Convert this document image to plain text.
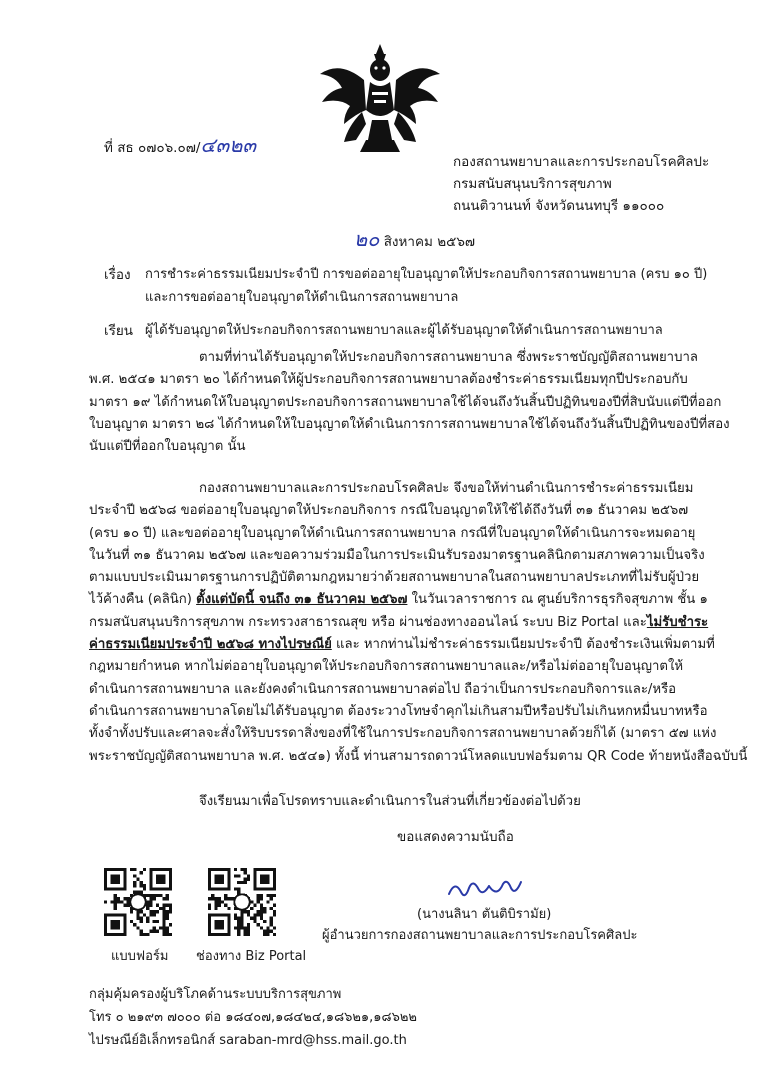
ที่ สธ ๐๗๐๖.๐๗/๔๓๒๓
กองสถานพยาบาลและการประกอบโรคศิลปะ
กรมสนับสนุนบริการสุขภาพ
ถนนติวานนท์ จังหวัดนนทบุรี ๑๑๐๐๐
๒๐ สิงหาคม ๒๕๖๗
เรื่อง การชำระค่าธรรมเนียมประจำปี การขอต่ออายุใบอนุญาตให้ประกอบกิจการสถานพยาบาล (ครบ ๑๐ ปี)
และการขอต่ออายุใบอนุญาตให้ดำเนินการสถานพยาบาล
เรียน ผู้ได้รับอนุญาตให้ประกอบกิจการสถานพยาบาลและผู้ได้รับอนุญาตให้ดำเนินการสถานพยาบาล
ตามที่ท่านได้รับอนุญาตให้ประกอบกิจการสถานพยาบาล ซึ่งพระราชบัญญัติสถานพยาบาล
พ.ศ. ๒๕๔๑ มาตรา ๒๐ ได้กำหนดให้ผู้ประกอบกิจการสถานพยาบาลต้องชำระค่าธรรมเนียมทุกปีประกอบกับ
มาตรา ๑๙ ได้กำหนดให้ใบอนุญาตประกอบกิจการสถานพยาบาลใช้ได้จนถึงวันสิ้นปีปฏิทินของปีที่สิบนับแต่ปีที่ออก
ใบอนุญาต มาตรา ๒๘ ได้กำหนดให้ใบอนุญาตให้ดำเนินการการสถานพยาบาลใช้ได้จนถึงวันสิ้นปีปฏิทินของปีที่สอง
นับแต่ปีที่ออกใบอนุญาต นั้น
กองสถานพยาบาลและการประกอบโรคศิลปะ จึงขอให้ท่านดำเนินการชำระค่าธรรมเนียม
ประจำปี ๒๕๖๘ ขอต่ออายุใบอนุญาตให้ประกอบกิจการ กรณีใบอนุญาตให้ใช้ได้ถึงวันที่ ๓๑ ธันวาคม ๒๕๖๗
(ครบ ๑๐ ปี) และขอต่ออายุใบอนุญาตให้ดำเนินการสถานพยาบาล กรณีที่ใบอนุญาตให้ดำเนินการจะหมดอายุ
ในวันที่ ๓๑ ธันวาคม ๒๕๖๗ และขอความร่วมมือในการประเมินรับรองมาตรฐานคลินิกตามสภาพความเป็นจริง
ตามแบบประเมินมาตรฐานการปฏิบัติตามกฎหมายว่าด้วยสถานพยาบาลในสถานพยาบาลประเภทที่ไม่รับผู้ป่วย
ไว้ค้างคืน (คลินิก) ตั้งแต่บัดนี้ จนถึง ๓๑ ธันวาคม ๒๕๖๗ ในวันเวลาราชการ ณ ศูนย์บริการธุรกิจสุขภาพ ชั้น ๑
กรมสนับสนุนบริการสุขภาพ กระทรวงสาธารณสุข หรือ ผ่านช่องทางออนไลน์ ระบบ Biz Portal และไม่รับชำระ
ค่าธรรมเนียมประจำปี ๒๕๖๘ ทางไปรษณีย์ และ หากท่านไม่ชำระค่าธรรมเนียมประจำปี ต้องชำระเงินเพิ่มตามที่
กฎหมายกำหนด หากไม่ต่ออายุใบอนุญาตให้ประกอบกิจการสถานพยาบาลและ/หรือไม่ต่ออายุใบอนุญาตให้
ดำเนินการสถานพยาบาล และยังคงดำเนินการสถานพยาบาลต่อไป ถือว่าเป็นการประกอบกิจการและ/หรือ
ดำเนินการสถานพยาบาลโดยไม่ได้รับอนุญาต ต้องระวางโทษจำคุกไม่เกินสามปีหรือปรับไม่เกินหกหมื่นบาทหรือ
ทั้งจำทั้งปรับและศาลจะสั่งให้ริบบรรดาสิ่งของที่ใช้ในการประกอบกิจการสถานพยาบาลด้วยก็ได้ (มาตรา ๕๗ แห่ง
พระราชบัญญัติสถานพยาบาล พ.ศ. ๒๕๔๑) ทั้งนี้ ท่านสามารถดาวน์โหลดแบบฟอร์มตาม QR Code ท้ายหนังสือฉบับนี้
จึงเรียนมาเพื่อโปรดทราบและดำเนินการในส่วนที่เกี่ยวข้องต่อไปด้วย
ขอแสดงความนับถือ
(นางนลินา ตันติบิรามัย)
ผู้อำนวยการกองสถานพยาบาลและการประกอบโรคศิลปะ
แบบฟอร์ม ช่องทาง Biz Portal
กลุ่มคุ้มครองผู้บริโภคด้านระบบบริการสุขภาพ
โทร ๐ ๒๑๙๓ ๗๐๐๐ ต่อ ๑๘๔๐๗,๑๘๔๒๔,๑๘๖๒๑,๑๘๖๒๒
ไปรษณีย์อิเล็กทรอนิกส์ saraban-mrd@hss.mail.go.th
